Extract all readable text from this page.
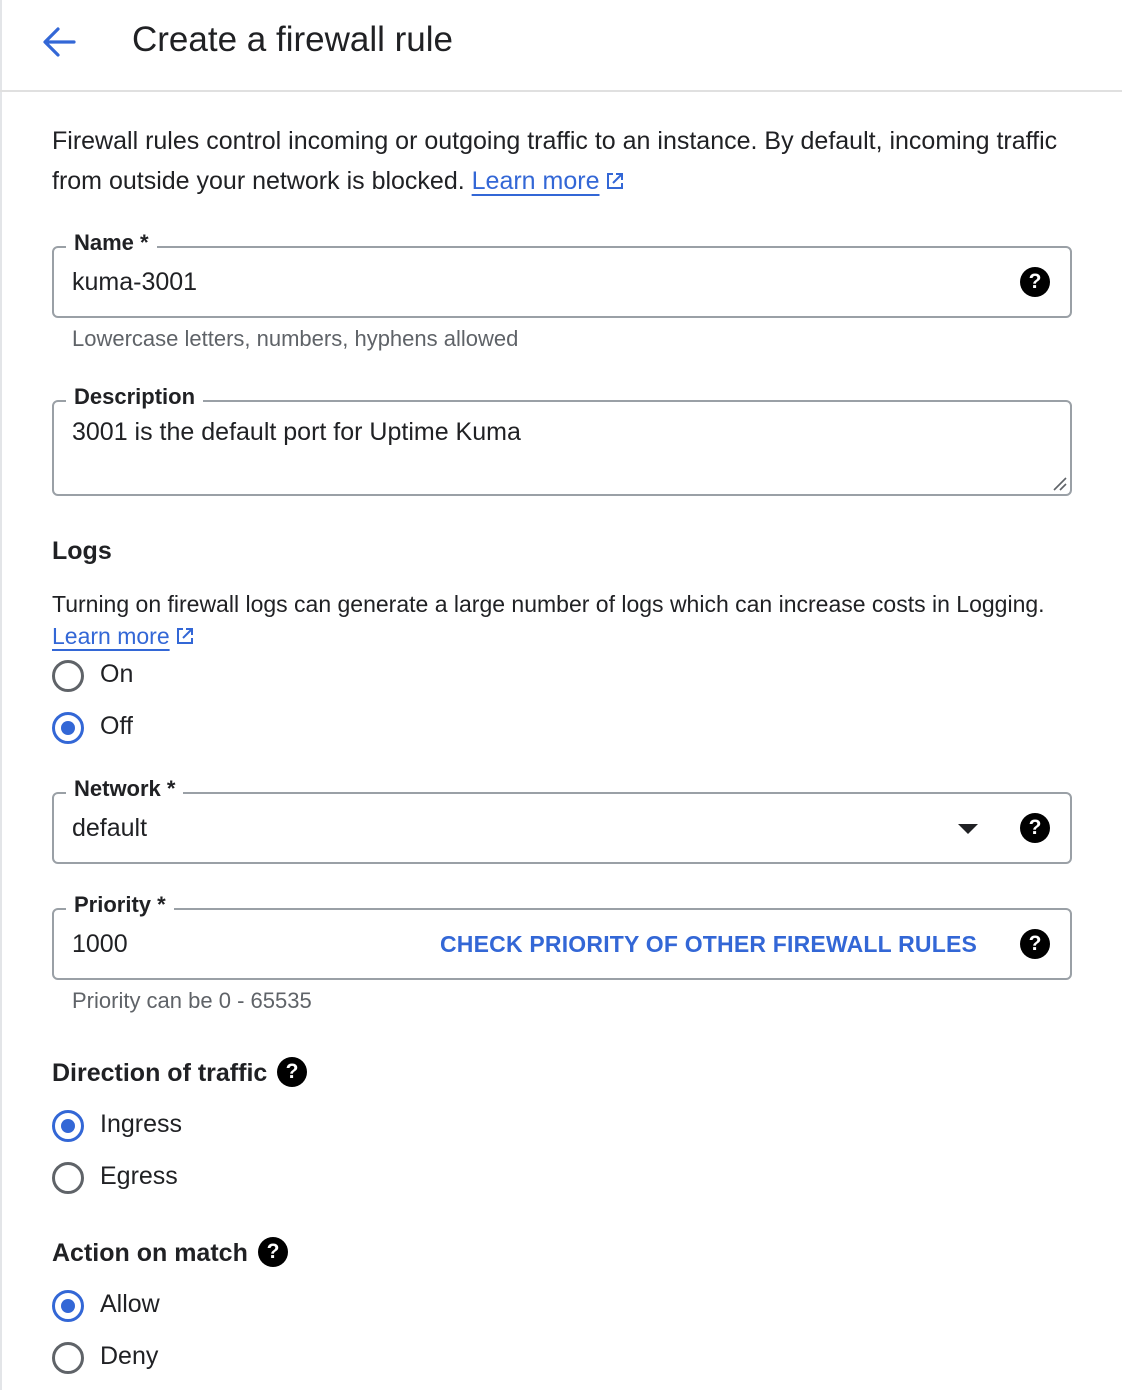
Create a firewall rule
Firewall rules control incoming or outgoing traffic to an instance. By default, incoming traffic from outside your network is blocked. Learn more
Name *
kuma-3001	?
Lowercase letters, numbers, hyphens allowed
Description
3001 is the default port for Uptime Kuma
Logs
Turning on firewall logs can generate a large number of logs which can increase costs in Logging. Learn more
On
Off
Network *
default	?
Priority *
1000	CHECK PRIORITY OF OTHER FIREWALL RULES	?
Priority can be 0 - 65535
Direction of traffic ?
Ingress
Egress
Action on match ?
Allow
Deny
